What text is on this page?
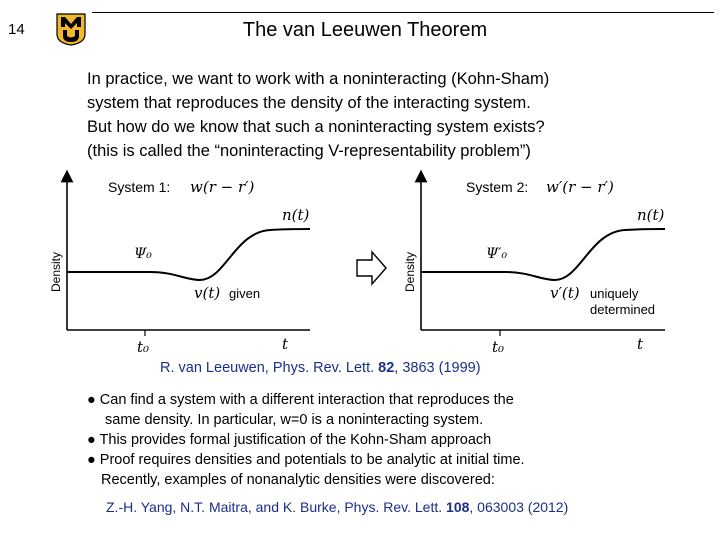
14	The van Leeuwen Theorem
In practice, we want to work with a noninteracting (Kohn-Sham)
system that reproduces the density of the interacting system.
But how do we know that such a noninteracting system exists?
(this is called the “noninteracting V-representability problem”)
Density
System 1: w(r − r′)
n(t)
Ψ₀
v(t) given
t₀	t
Density
System 2: w′(r − r′)
n(t)
Ψ′₀
v′(t) uniquely
determined
t₀	t
R. van Leeuwen, Phys. Rev. Lett. 82, 3863 (1999)
● Can find a system with a different interaction that reproduces the
same density. In particular, w=0 is a noninteracting system.
● This provides formal justification of the Kohn-Sham approach
● Proof requires densities and potentials to be analytic at initial time.
Recently, examples of nonanalytic densities were discovered:
Z.-H. Yang, N.T. Maitra, and K. Burke, Phys. Rev. Lett. 108, 063003 (2012)
